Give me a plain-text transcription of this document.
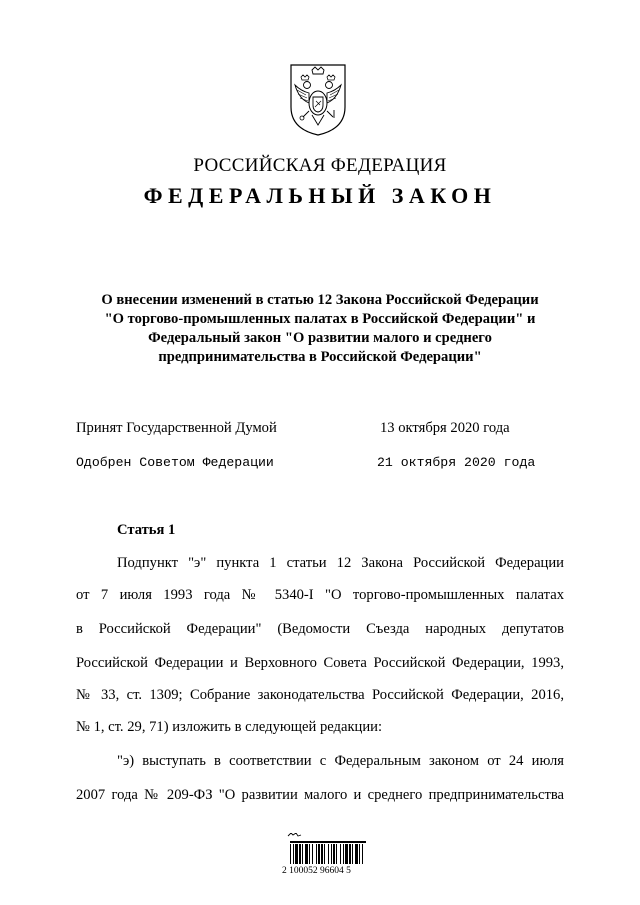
РОССИЙСКАЯ ФЕДЕРАЦИЯ
ФЕДЕРАЛЬНЫЙ ЗАКОН
О внесении изменений в статью 12 Закона Российской Федерации
"О торгово-промышленных палатах в Российской Федерации" и
Федеральный закон "О развитии малого и среднего
предпринимательства в Российской Федерации"
Принят Государственной Думой	13 октября 2020 года
Одобрен Советом Федерации	21 октября 2020 года
Статья 1
Подпункт "э" пункта 1 статьи 12 Закона Российской Федерации
от 7 июля 1993 года № 5340-I "О торгово-промышленных палатах
в Российской Федерации" (Ведомости Съезда народных депутатов
Российской Федерации и Верховного Совета Российской Федерации, 1993,
№ 33, ст. 1309; Собрание законодательства Российской Федерации, 2016,
№ 1, ст. 29, 71) изложить в следующей редакции:
"э) выступать в соответствии с Федеральным законом от 24 июля
2007 года № 209-ФЗ "О развитии малого и среднего предпринимательства
2 100052 96604 5
